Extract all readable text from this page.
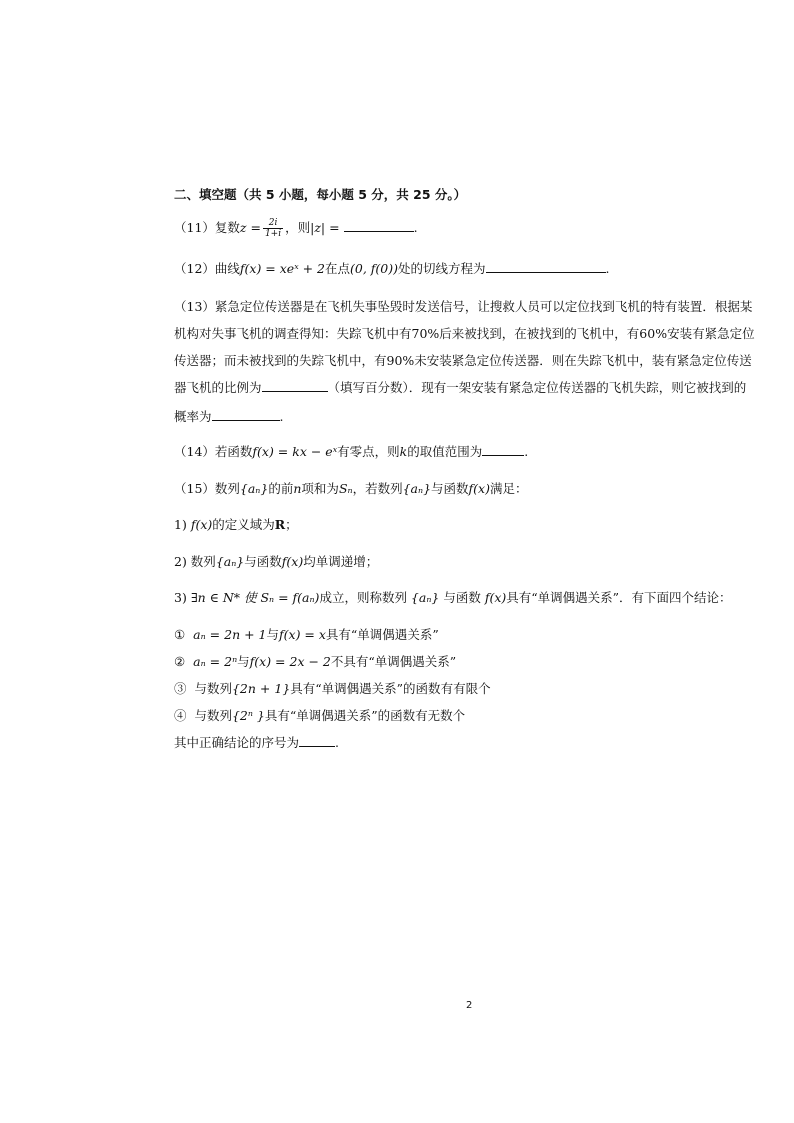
二、填空题（共 5 小题，每小题 5 分，共 25 分。）
（11）复数$z = \frac{2i}{1+i}$ ，则|z| =	.
（12）曲线f(x) = xeˣ + 2在点(0, f(0))处的切线方程为	.
（13）紧急定位传送器是在飞机失事坠毁时发送信号，让搜救人员可以定位找到飞机的特有装置．根据某
机构对失事飞机的调查得知：失踪飞机中有70%后来被找到，在被找到的飞机中，有60%安装有紧急定位
传送器；而未被找到的失踪飞机中，有90%未安装紧急定位传送器．则在失踪飞机中，装有紧急定位传送
器飞机的比例为	（填写百分数）．现有一架安装有紧急定位传送器的飞机失踪，则它被找到的
概率为	.
（14）若函数f(x) = kx − eˣ有零点，则k的取值范围为	.
（15）数列{aₙ}的前n项和为Sₙ，若数列{aₙ}与函数f(x)满足：
1) f(x)的定义域为R；
2) 数列{aₙ}与函数f(x)均单调递增；
3) ∃n ∈ N* 使 Sₙ = f(aₙ)成立，则称数列 {aₙ} 与函数 f(x)具有“单调偶遇关系”．有下面四个结论：
① aₙ = 2n + 1与f(x) = x具有“单调偶遇关系”
② aₙ = 2ⁿ与f(x) = 2x − 2不具有“单调偶遇关系”
③ 与数列{2n + 1}具有“单调偶遇关系”的函数有有限个
④ 与数列{2ⁿ }具有“单调偶遇关系”的函数有无数个
其中正确结论的序号为	.
2
